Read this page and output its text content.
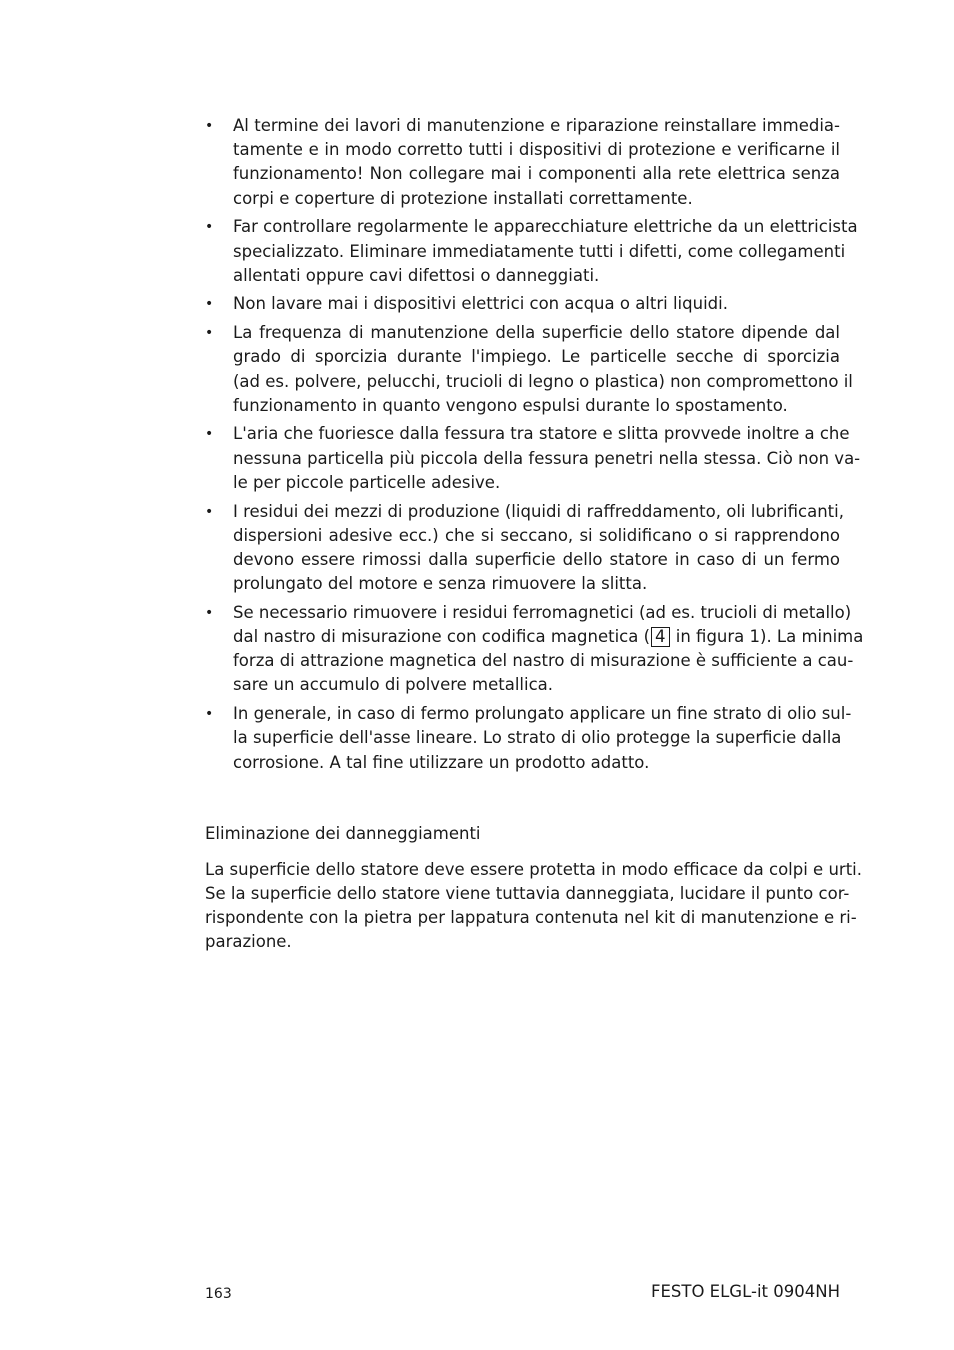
• Al termine dei lavori di manutenzione e riparazione reinstallare immedia-
tamente e in modo corretto tutti i dispositivi di protezione e verificarne il
funzionamento! Non collegare mai i componenti alla rete elettrica senza
corpi e coperture di protezione installati correttamente.
• Far controllare regolarmente le apparecchiature elettriche da un elettricista
specializzato. Eliminare immediatamente tutti i difetti, come collegamenti
allentati oppure cavi difettosi o danneggiati.
• Non lavare mai i dispositivi elettrici con acqua o altri liquidi.
• La frequenza di manutenzione della superficie dello statore dipende dal
grado di sporcizia durante l'impiego. Le particelle secche di sporcizia
(ad es. polvere, pelucchi, trucioli di legno o plastica) non compromettono il
funzionamento in quanto vengono espulsi durante lo spostamento.
• L'aria che fuoriesce dalla fessura tra statore e slitta provvede inoltre a che
nessuna particella più piccola della fessura penetri nella stessa. Ciò non va-
le per piccole particelle adesive.
• I residui dei mezzi di produzione (liquidi di raffreddamento, oli lubrificanti,
dispersioni adesive ecc.) che si seccano, si solidificano o si rapprendono
devono essere rimossi dalla superficie dello statore in caso di un fermo
prolungato del motore e senza rimuovere la slitta.
• Se necessario rimuovere i residui ferromagnetici (ad es. trucioli di metallo)
dal nastro di misurazione con codifica magnetica ( 4 in figura 1). La minima
forza di attrazione magnetica del nastro di misurazione è sufficiente a cau-
sare un accumulo di polvere metallica.
• In generale, in caso di fermo prolungato applicare un fine strato di olio sul-
la superficie dell'asse lineare. Lo strato di olio protegge la superficie dalla
corrosione. A tal fine utilizzare un prodotto adatto.
Eliminazione dei danneggiamenti
La superficie dello statore deve essere protetta in modo efficace da colpi e urti.
Se la superficie dello statore viene tuttavia danneggiata, lucidare il punto cor-
rispondente con la pietra per lappatura contenuta nel kit di manutenzione e ri-
parazione.
163	FESTO ELGL-it 0904NH
